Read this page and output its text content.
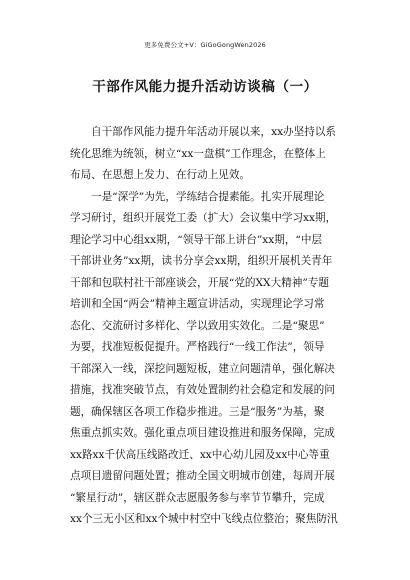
更多免费公文+V：GiGoGongWen2026
干部作风能力提升活动访谈稿（一）
自干部作风能力提升年活动开展以来，xx办坚持以系
统化思维为统领，树立“xx一盘棋”工作理念，在整体上
布局、在思想上发力、在行动上见效。
一是“深学”为先，学练结合提素能。扎实开展理论
学习研讨，组织开展党工委（扩大）会议集中学习xx期，
理论学习中心组xx期，“领导干部上讲台”xx期，“中层
干部讲业务”xx期，读书分享会xx期，组织开展机关青年
干部和包联村社干部座谈会，开展“党的XX大精神”专题
培训和全国“两会”精神主题宣讲活动，实现理论学习常
态化、交流研讨多样化、学以致用实效化。二是“聚思”
为要，找准短板促提升。严格践行“一线工作法”，领导
干部深入一线，深挖问题短板，建立问题清单，强化解决
措施，找准突破节点，有效处置制约社会稳定和发展的问
题，确保辖区各项工作稳步推进。三是“服务”为基，聚
焦重点抓实效。强化重点项目建设推进和服务保障，完成
xx路xx千伏高压线路改迁、xx中心幼儿园及xx中心等重
点项目遗留问题处置；推动全国文明城市创建，每周开展
“繁星行动”，辖区群众志愿服务参与率节节攀升，完成
xx个三无小区和xx个城中村空中飞线点位整治；聚焦防汛
